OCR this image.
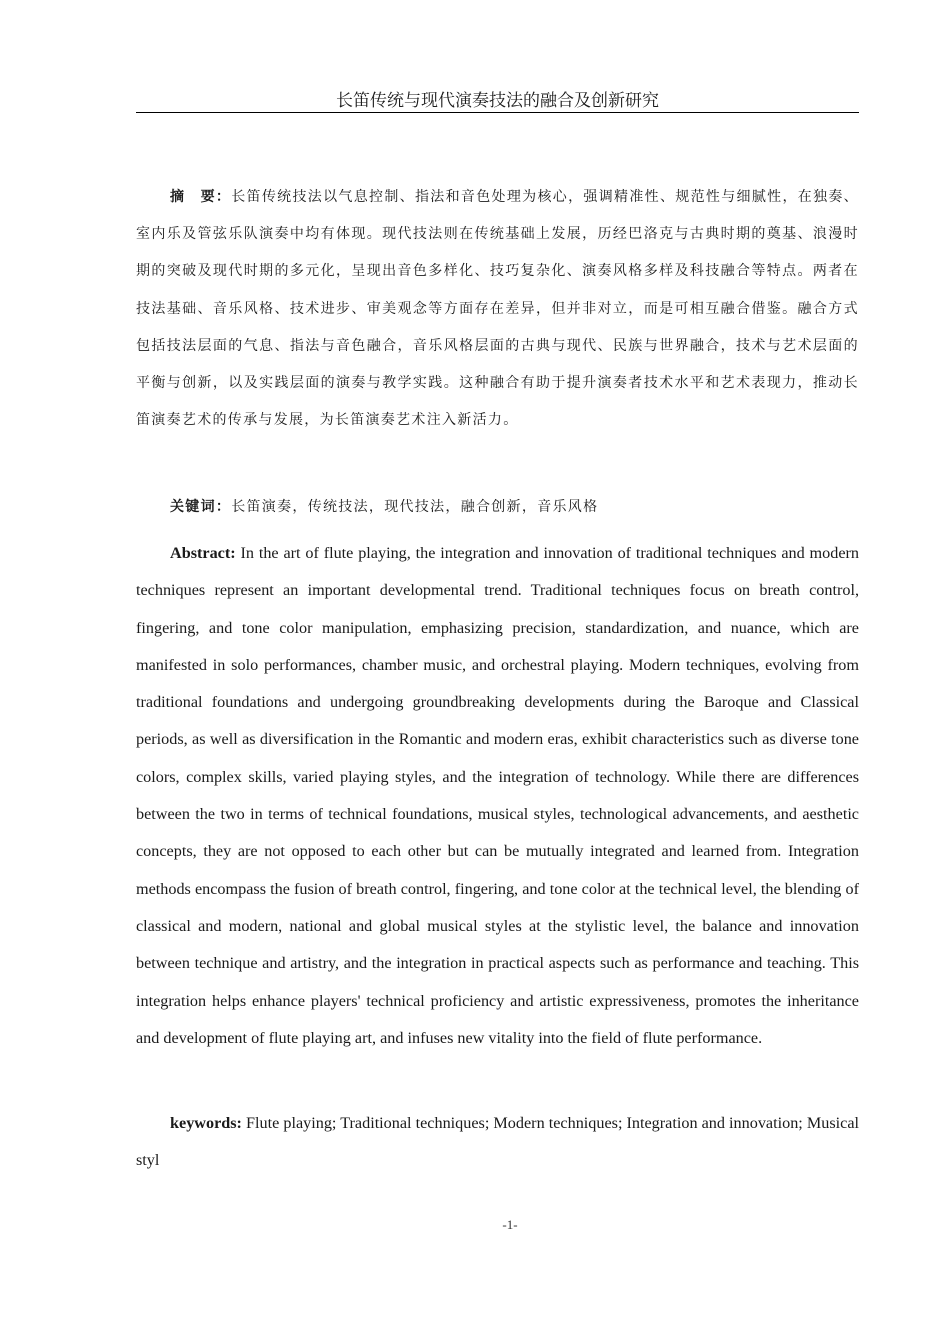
长笛传统与现代演奏技法的融合及创新研究

摘　要：长笛传统技法以气息控制、指法和音色处理为核心，强调精准性、规范性与细腻性，在独奏、室内乐及管弦乐队演奏中均有体现。现代技法则在传统基础上发展，历经巴洛克与古典时期的奠基、浪漫时期的突破及现代时期的多元化，呈现出音色多样化、技巧复杂化、演奏风格多样及科技融合等特点。两者在技法基础、音乐风格、技术进步、审美观念等方面存在差异，但并非对立，而是可相互融合借鉴。融合方式包括技法层面的气息、指法与音色融合，音乐风格层面的古典与现代、民族与世界融合，技术与艺术层面的平衡与创新，以及实践层面的演奏与教学实践。这种融合有助于提升演奏者技术水平和艺术表现力，推动长笛演奏艺术的传承与发展，为长笛演奏艺术注入新活力。

关键词：长笛演奏，传统技法，现代技法，融合创新，音乐风格

Abstract: In the art of flute playing, the integration and innovation of traditional techniques and modern techniques represent an important developmental trend. Traditional techniques focus on breath control, fingering, and tone color manipulation, emphasizing precision, standardization, and nuance, which are manifested in solo performances, chamber music, and orchestral playing. Modern techniques, evolving from traditional foundations and undergoing groundbreaking developments during the Baroque and Classical periods, as well as diversification in the Romantic and modern eras, exhibit characteristics such as diverse tone colors, complex skills, varied playing styles, and the integration of technology. While there are differences between the two in terms of technical foundations, musical styles, technological advancements, and aesthetic concepts, they are not opposed to each other but can be mutually integrated and learned from. Integration methods encompass the fusion of breath control, fingering, and tone color at the technical level, the blending of classical and modern, national and global musical styles at the stylistic level, the balance and innovation between technique and artistry, and the integration in practical aspects such as performance and teaching. This integration helps enhance players' technical proficiency and artistic expressiveness, promotes the inheritance and development of flute playing art, and infuses new vitality into the field of flute performance.

keywords: Flute playing; Traditional techniques; Modern techniques; Integration and innovation; Musical styl

-1-
